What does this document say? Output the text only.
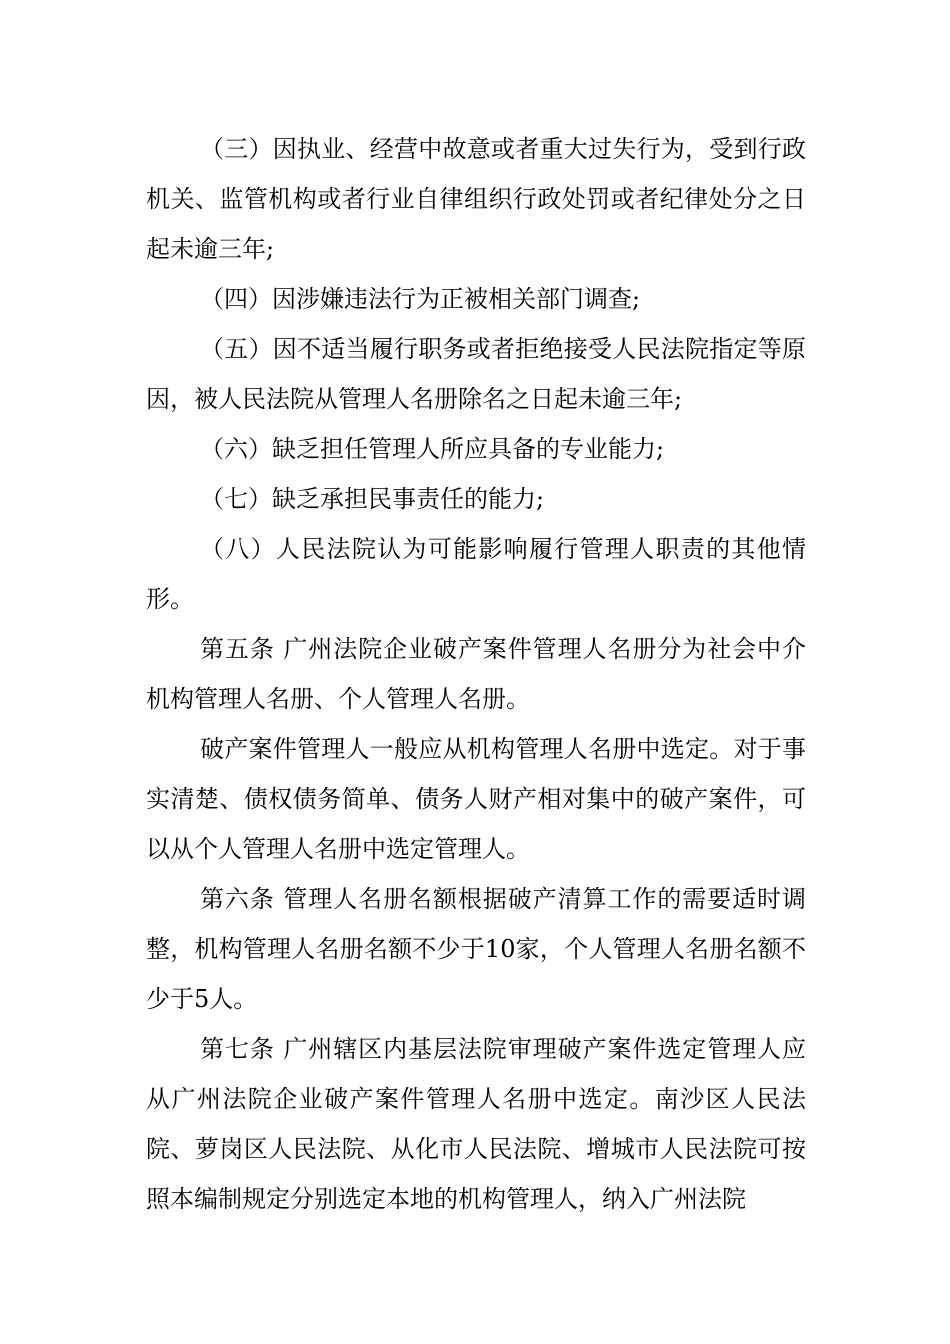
（三）因执业、经营中故意或者重大过失行为，受到行政机关、监管机构或者行业自律组织行政处罚或者纪律处分之日起未逾三年;

（四）因涉嫌违法行为正被相关部门调查;

（五）因不适当履行职务或者拒绝接受人民法院指定等原因，被人民法院从管理人名册除名之日起未逾三年;

（六）缺乏担任管理人所应具备的专业能力;

（七）缺乏承担民事责任的能力;

（八）人民法院认为可能影响履行管理人职责的其他情形。

第五条 广州法院企业破产案件管理人名册分为社会中介机构管理人名册、个人管理人名册。

破产案件管理人一般应从机构管理人名册中选定。对于事实清楚、债权债务简单、债务人财产相对集中的破产案件，可以从个人管理人名册中选定管理人。

第六条 管理人名册名额根据破产清算工作的需要适时调整，机构管理人名册名额不少于10家，个人管理人名册名额不少于5人。

第七条 广州辖区内基层法院审理破产案件选定管理人应从广州法院企业破产案件管理人名册中选定。南沙区人民法院、萝岗区人民法院、从化市人民法院、增城市人民法院可按照本编制规定分别选定本地的机构管理人，纳入广州法院
